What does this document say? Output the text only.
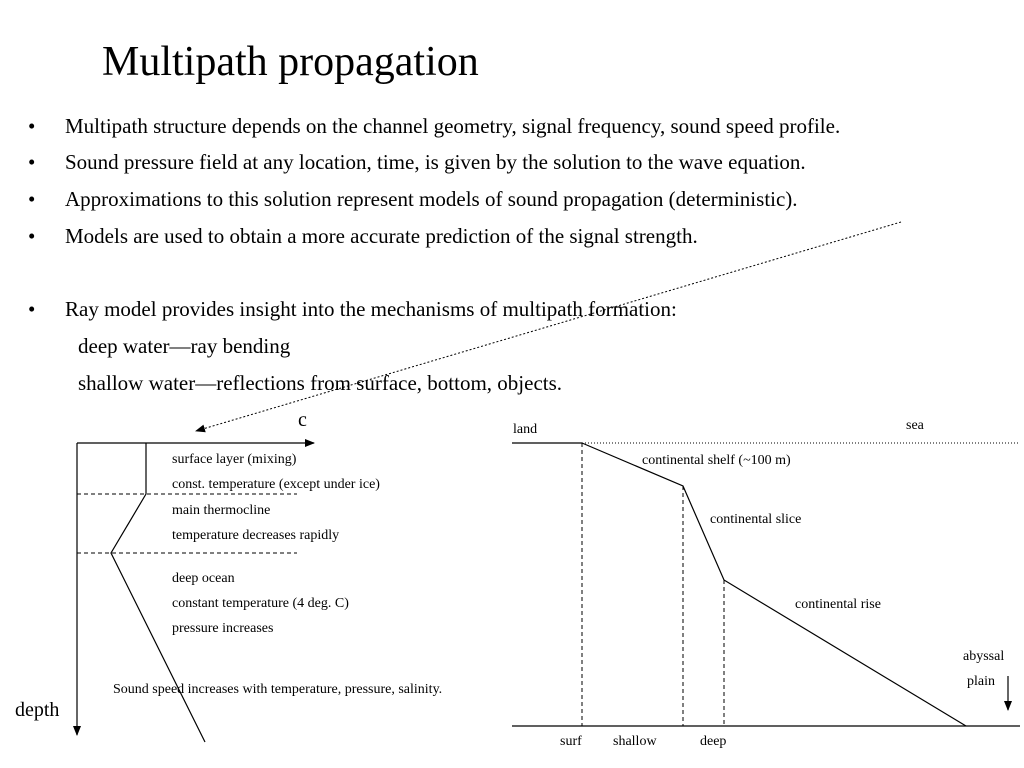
Multipath propagation
• Multipath structure depends on the channel geometry, signal frequency, sound speed profile.
• Sound pressure field at any location, time, is given by the solution to the wave equation.
• Approximations to this solution represent models of sound propagation (deterministic).
• Models are used to obtain a more accurate prediction of the signal strength.
• Ray model provides insight into the mechanisms of multipath formation:
deep water—ray bending
shallow water—reflections from surface, bottom, objects.
c
depth
surface layer (mixing)
const. temperature (except under ice)
main thermocline
temperature decreases rapidly
deep ocean
constant temperature (4 deg. C)
pressure increases
Sound speed increases with temperature, pressure, salinity.
land	sea
continental shelf (~100 m)
continental slice
continental rise
abyssal
plain
surf shallow	deep
